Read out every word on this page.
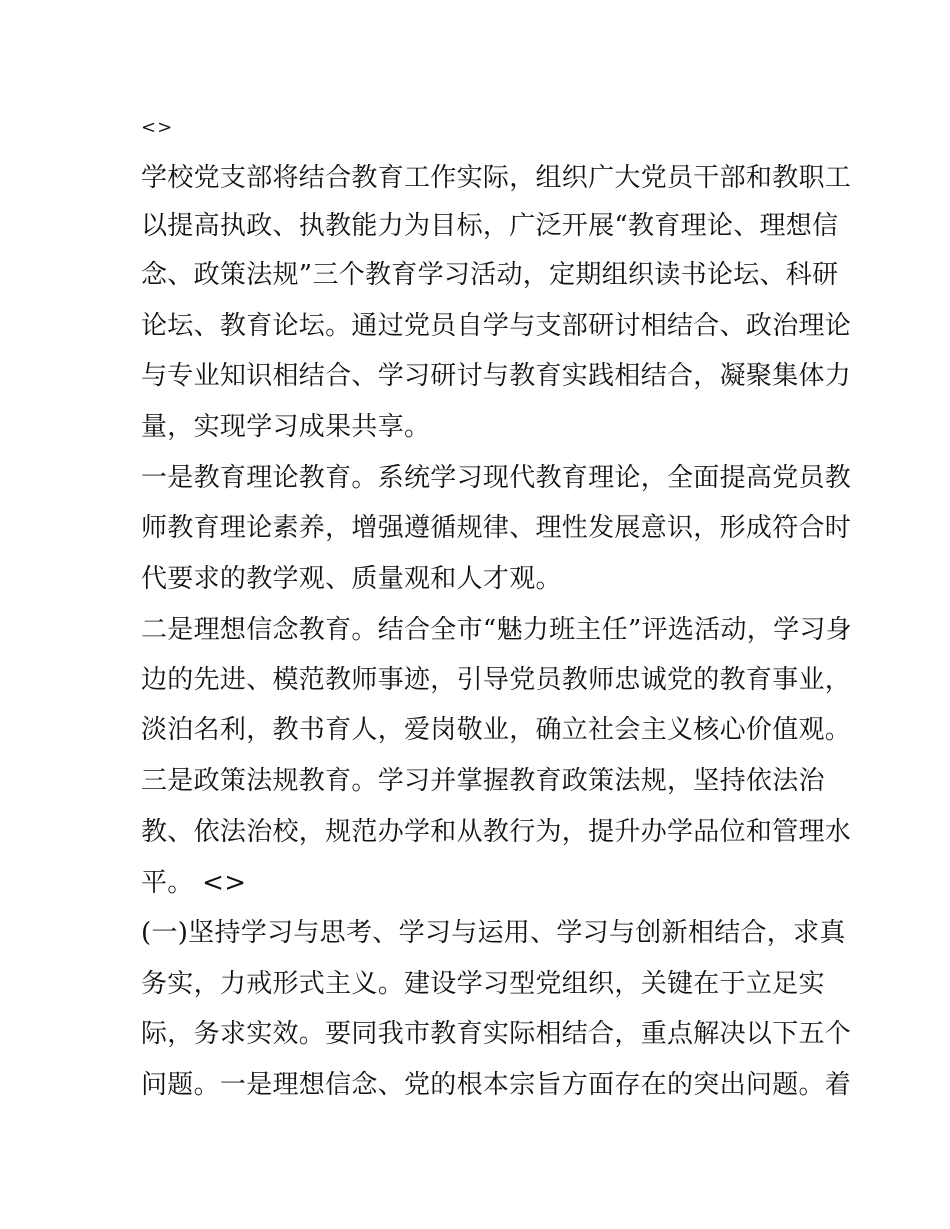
<>
学校党支部将结合教育工作实际，组织广大党员干部和教职工
以提高执政、执教能力为目标，广泛开展“教育理论、理想信
念、政策法规”三个教育学习活动，定期组织读书论坛、科研
论坛、教育论坛。通过党员自学与支部研讨相结合、政治理论
与专业知识相结合、学习研讨与教育实践相结合，凝聚集体力
量，实现学习成果共享。
一是教育理论教育。系统学习现代教育理论，全面提高党员教
师教育理论素养，增强遵循规律、理性发展意识，形成符合时
代要求的教学观、质量观和人才观。
二是理想信念教育。结合全市“魅力班主任”评选活动，学习身
边的先进、模范教师事迹，引导党员教师忠诚党的教育事业，
淡泊名利，教书育人，爱岗敬业，确立社会主义核心价值观。
三是政策法规教育。学习并掌握教育政策法规，坚持依法治
教、依法治校，规范办学和从教行为，提升办学品位和管理水
平。 <>
(一)坚持学习与思考、学习与运用、学习与创新相结合，求真
务实，力戒形式主义。建设学习型党组织，关键在于立足实
际，务求实效。要同我市教育实际相结合，重点解决以下五个
问题。一是理想信念、党的根本宗旨方面存在的突出问题。着
